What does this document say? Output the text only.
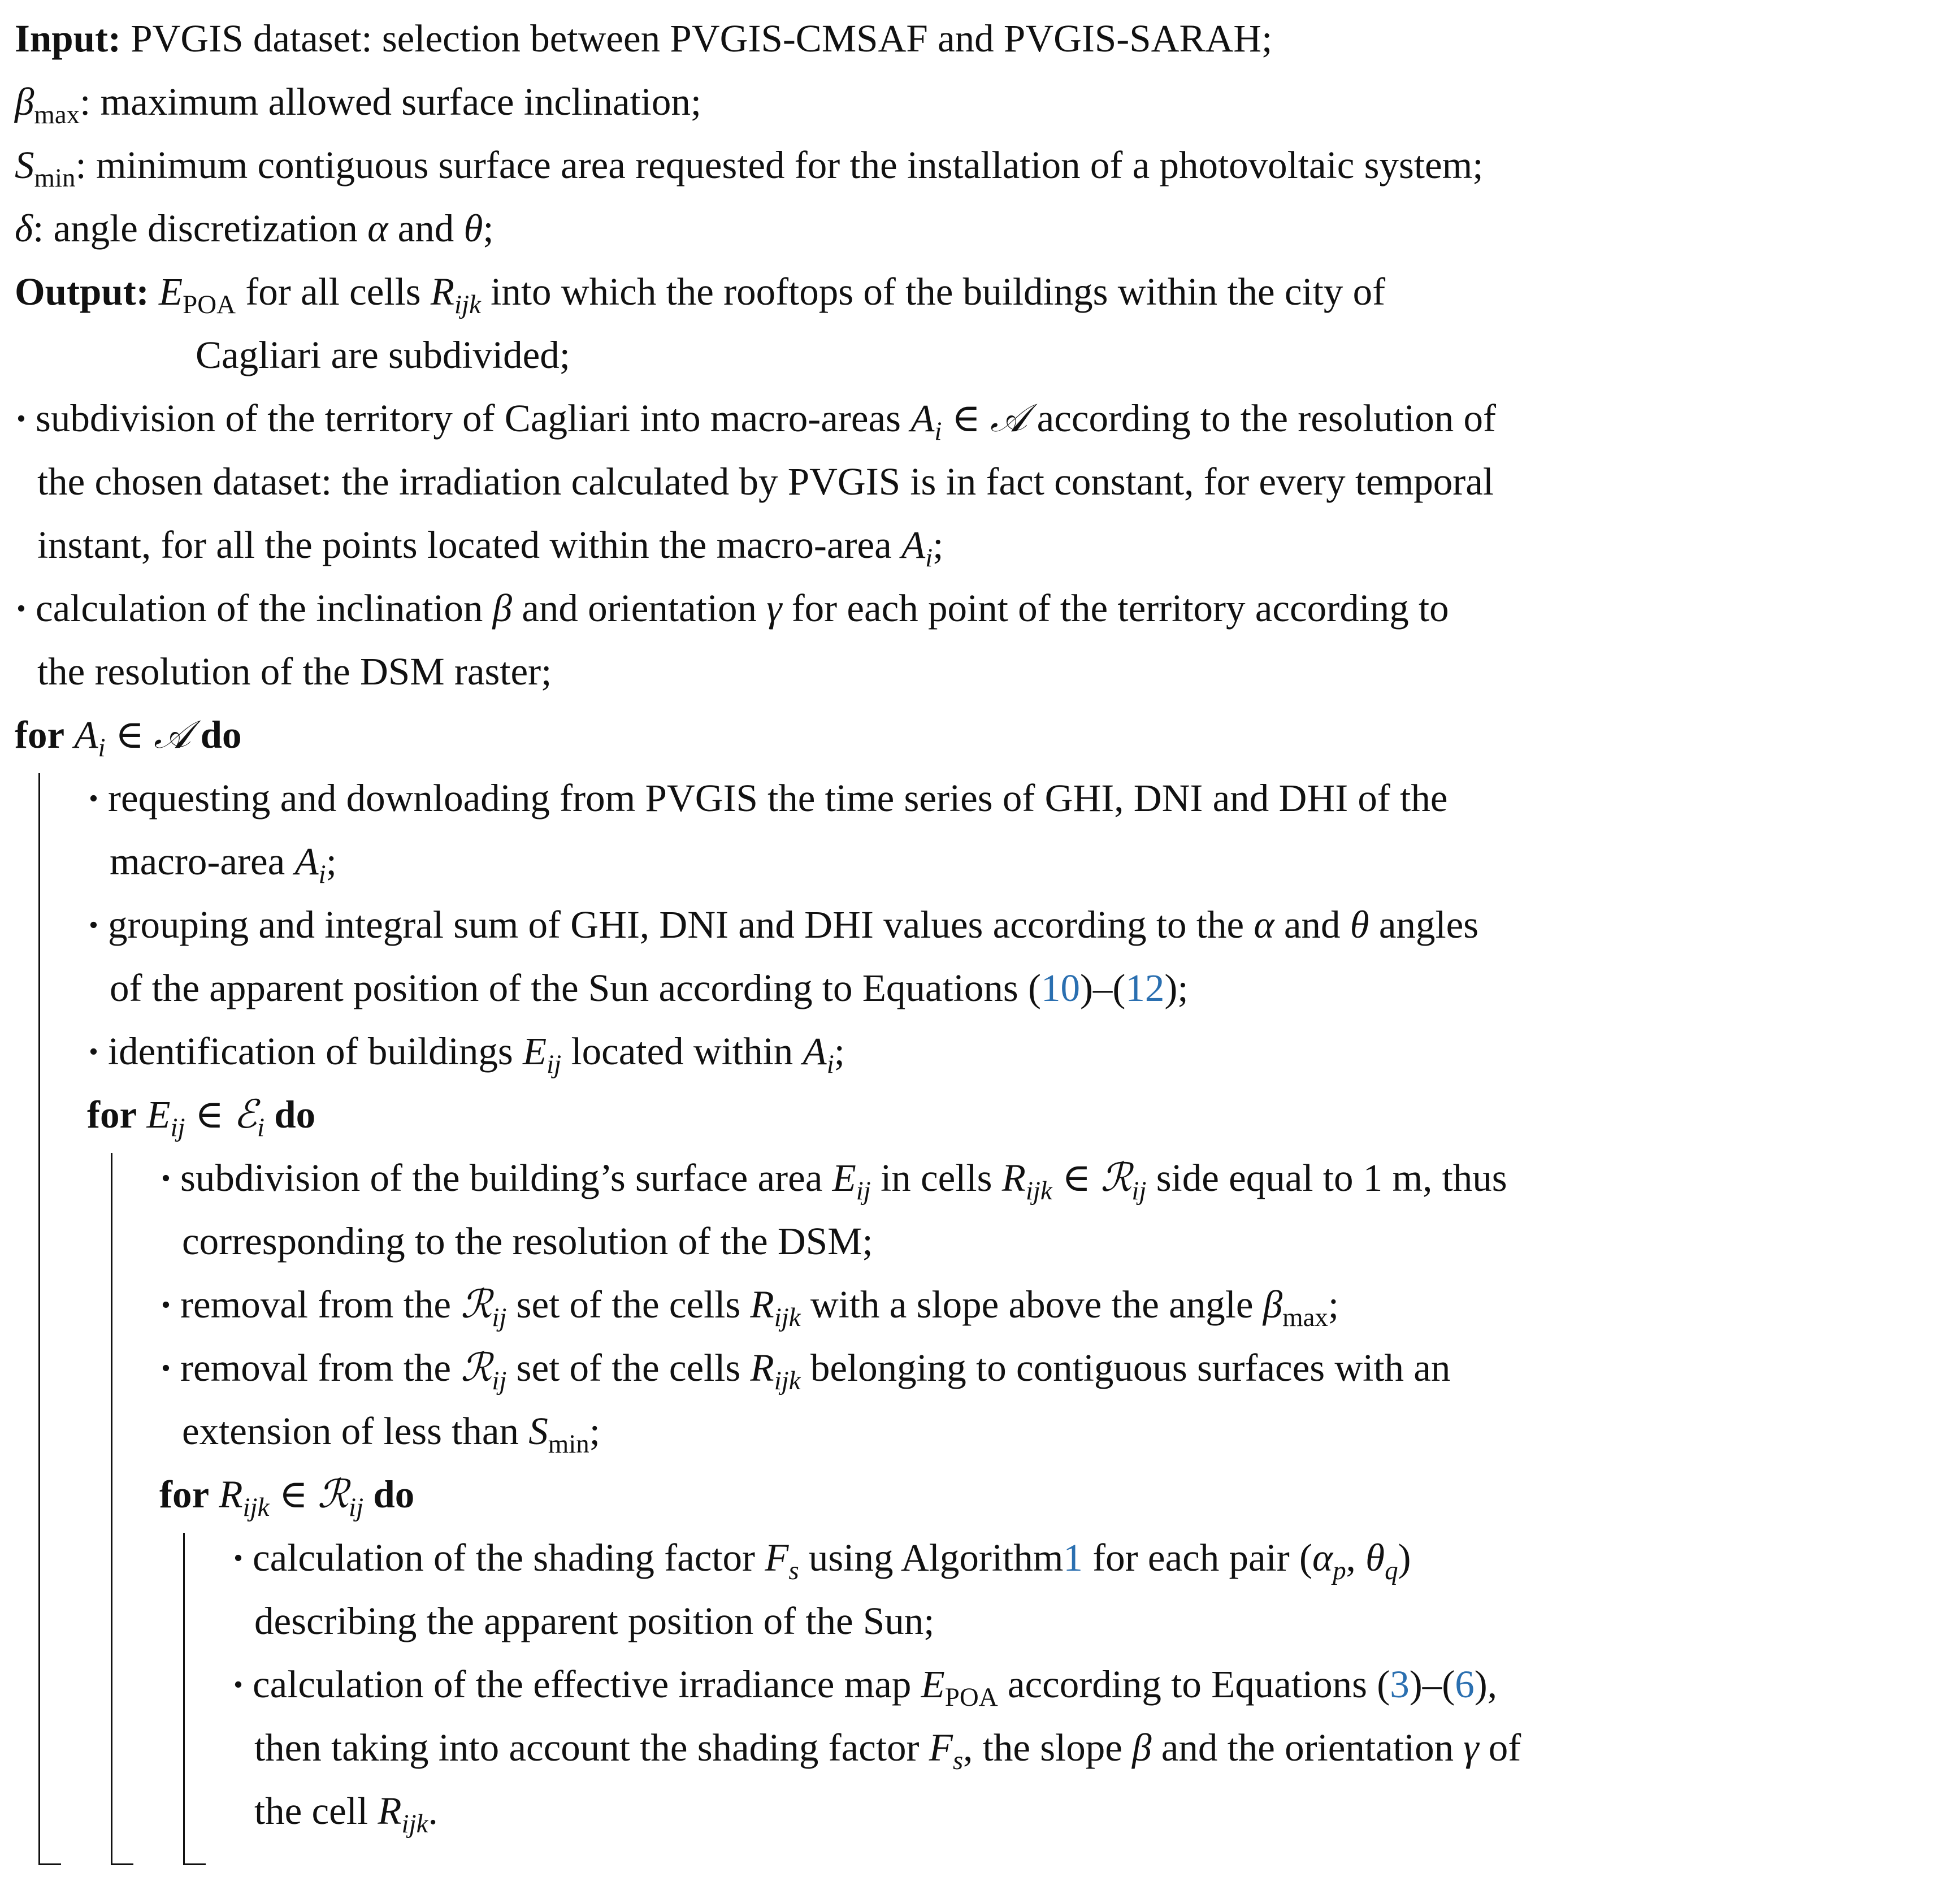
Input: PVGIS dataset: selection between PVGIS-CMSAF and PVGIS-SARAH;
$\beta_{max}$: maximum allowed surface inclination;
$S_{min}$: minimum contiguous surface area requested for the installation of a photovoltaic system;
δ: angle discretization α and θ;
Output: $E_{POA}$ for all cells $R_{ijk}$ into which the rooftops of the buildings within the city of
Cagliari are subdivided;
· subdivision of the territory of Cagliari into macro-areas $A_i$ ∈ 𝒜 according to the resolution of
the chosen dataset: the irradiation calculated by PVGIS is in fact constant, for every temporal
instant, for all the points located within the macro-area $A_i$;
· calculation of the inclination β and orientation γ for each point of the territory according to
the resolution of the DSM raster;
for $A_i$ ∈ 𝒜 do
· requesting and downloading from PVGIS the time series of GHI, DNI and DHI of the
macro-area $A_i$;
· grouping and integral sum of GHI, DNI and DHI values according to the α and θ angles
of the apparent position of the Sun according to Equations (10)–(12);
· identification of buildings $E_{ij}$ located within $A_i$;
for $E_{ij}$ ∈ ℰ$_i$ do
· subdivision of the building’s surface area $E_{ij}$ in cells $R_{ijk}$ ∈ ℛ$_{ij}$ side equal to 1 m, thus
corresponding to the resolution of the DSM;
· removal from the ℛ$_{ij}$ set of the cells $R_{ijk}$ with a slope above the angle $\beta_{max}$;
· removal from the ℛ$_{ij}$ set of the cells $R_{ijk}$ belonging to contiguous surfaces with an
extension of less than $S_{min}$;
for $R_{ijk}$ ∈ ℛ$_{ij}$ do
· calculation of the shading factor $F_s$ using Algorithm1 for each pair ($\alpha_p$, $\theta_q$)
describing the apparent position of the Sun;
· calculation of the effective irradiance map $E_{POA}$ according to Equations (3)–(6),
then taking into account the shading factor $F_s$, the slope β and the orientation γ of
the cell $R_{ijk}$.
